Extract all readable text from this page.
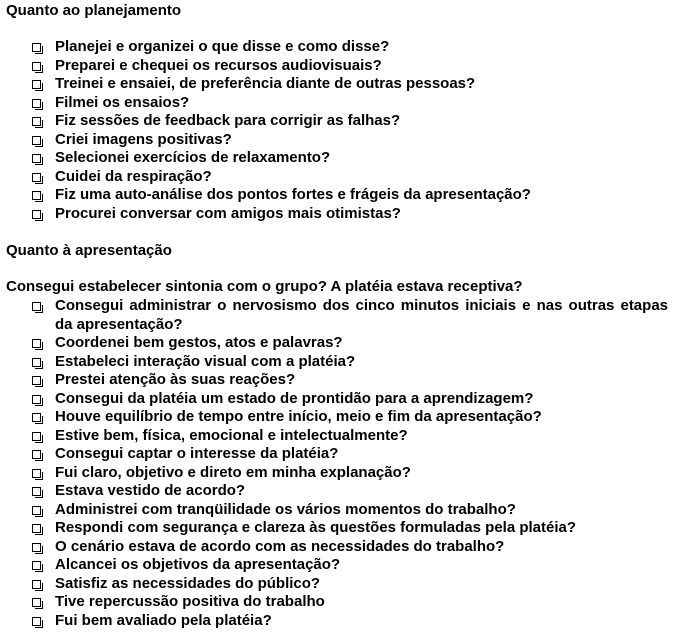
Quanto ao planejamento
Planejei e organizei o que disse e como disse?
Preparei e chequei os recursos audiovisuais?
Treinei e ensaiei, de preferência diante de outras pessoas?
Filmei os ensaios?
Fiz sessões de feedback para corrigir as falhas?
Criei imagens positivas?
Selecionei exercícios de relaxamento?
Cuidei da respiração?
Fiz uma auto-análise dos pontos fortes e frágeis da apresentação?
Procurei conversar com amigos mais otimistas?
Quanto à apresentação
Consegui estabelecer sintonia com o grupo? A platéia estava receptiva?
Consegui administrar o nervosismo dos cinco minutos iniciais e nas outras etapas da apresentação?
Coordenei bem gestos, atos e palavras?
Estabeleci interação visual com a platéia?
Prestei atenção às suas reações?
Consegui da platéia um estado de prontidão para a aprendizagem?
Houve equilíbrio de tempo entre início, meio e fim da apresentação?
Estive bem, física, emocional e intelectualmente?
Consegui captar o interesse da platéia?
Fui claro, objetivo e direto em minha explanação?
Estava vestido de acordo?
Administrei com tranqüilidade os vários momentos do trabalho?
Respondi com segurança e clareza às questões formuladas pela platéia?
O cenário estava de acordo com as necessidades do trabalho?
Alcancei os objetivos da apresentação?
Satisfiz as necessidades do público?
Tive repercussão positiva do trabalho
Fui bem avaliado pela platéia?
